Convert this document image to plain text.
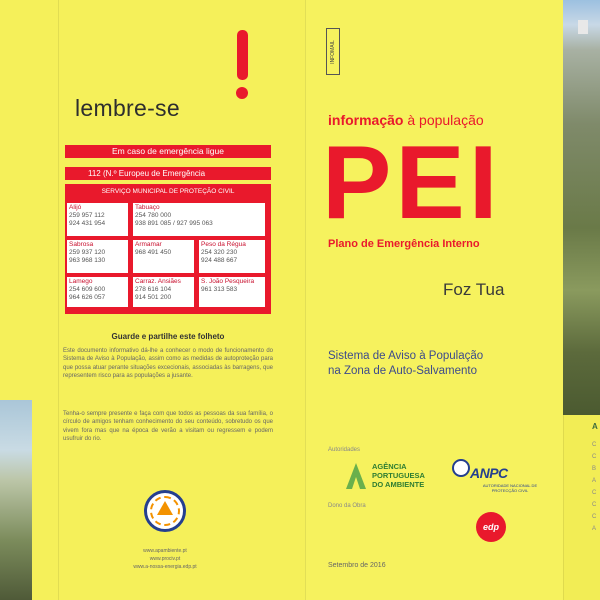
lembre-se
Em caso de emergência ligue
112 (N.º Europeu de Emergência
SERVIÇO MUNICIPAL DE PROTEÇÃO CIVIL
Alijó
259 957 112
924 431 954
Tabuaço
254 780 000
938 891 085 / 927 995 063
Sabrosa
259 937 120
963 968 130
Armamar
968 491 450
Peso da Régua
254 320 230
924 488 667
Lamego
254 609 600
964 626 057
Carraz. Ansiães
278 616 104
914 501 200
S. João Pesqueira
961 313 583
Guarde e partilhe este folheto
Este documento informativo dá-lhe a conhecer o modo de funcionamento do Sistema de Aviso à População, assim como as medidas de autoproteção para que possa atuar perante situações excecionais, associadas às barragens, que representem risco para as populações a jusante.
Tenha-o sempre presente e faça com que todos as pessoas da sua família, o círculo de amigos tenham conhecimento do seu conteúdo, sobretudo os que vivem fora mas que na época de verão a visitam ou regressem e podem usufruir do rio.
www.apambiente.pt
www.prociv.pt
www.a-nossa-energia.edp.pt
INFOMAIL
informação à população
PEI
Plano de Emergência Interno
Foz Tua
Sistema de Aviso à População
na Zona de Auto-Salvamento
Autoridades
AGÊNCIA
PORTUGUESA
DO AMBIENTE
ANPC
AUTORIDADE NACIONAL DE PROTECÇÃO CIVIL
Dono da Obra
edp
Setembro de 2016
A
C
C
B
A
C
C
C
A
